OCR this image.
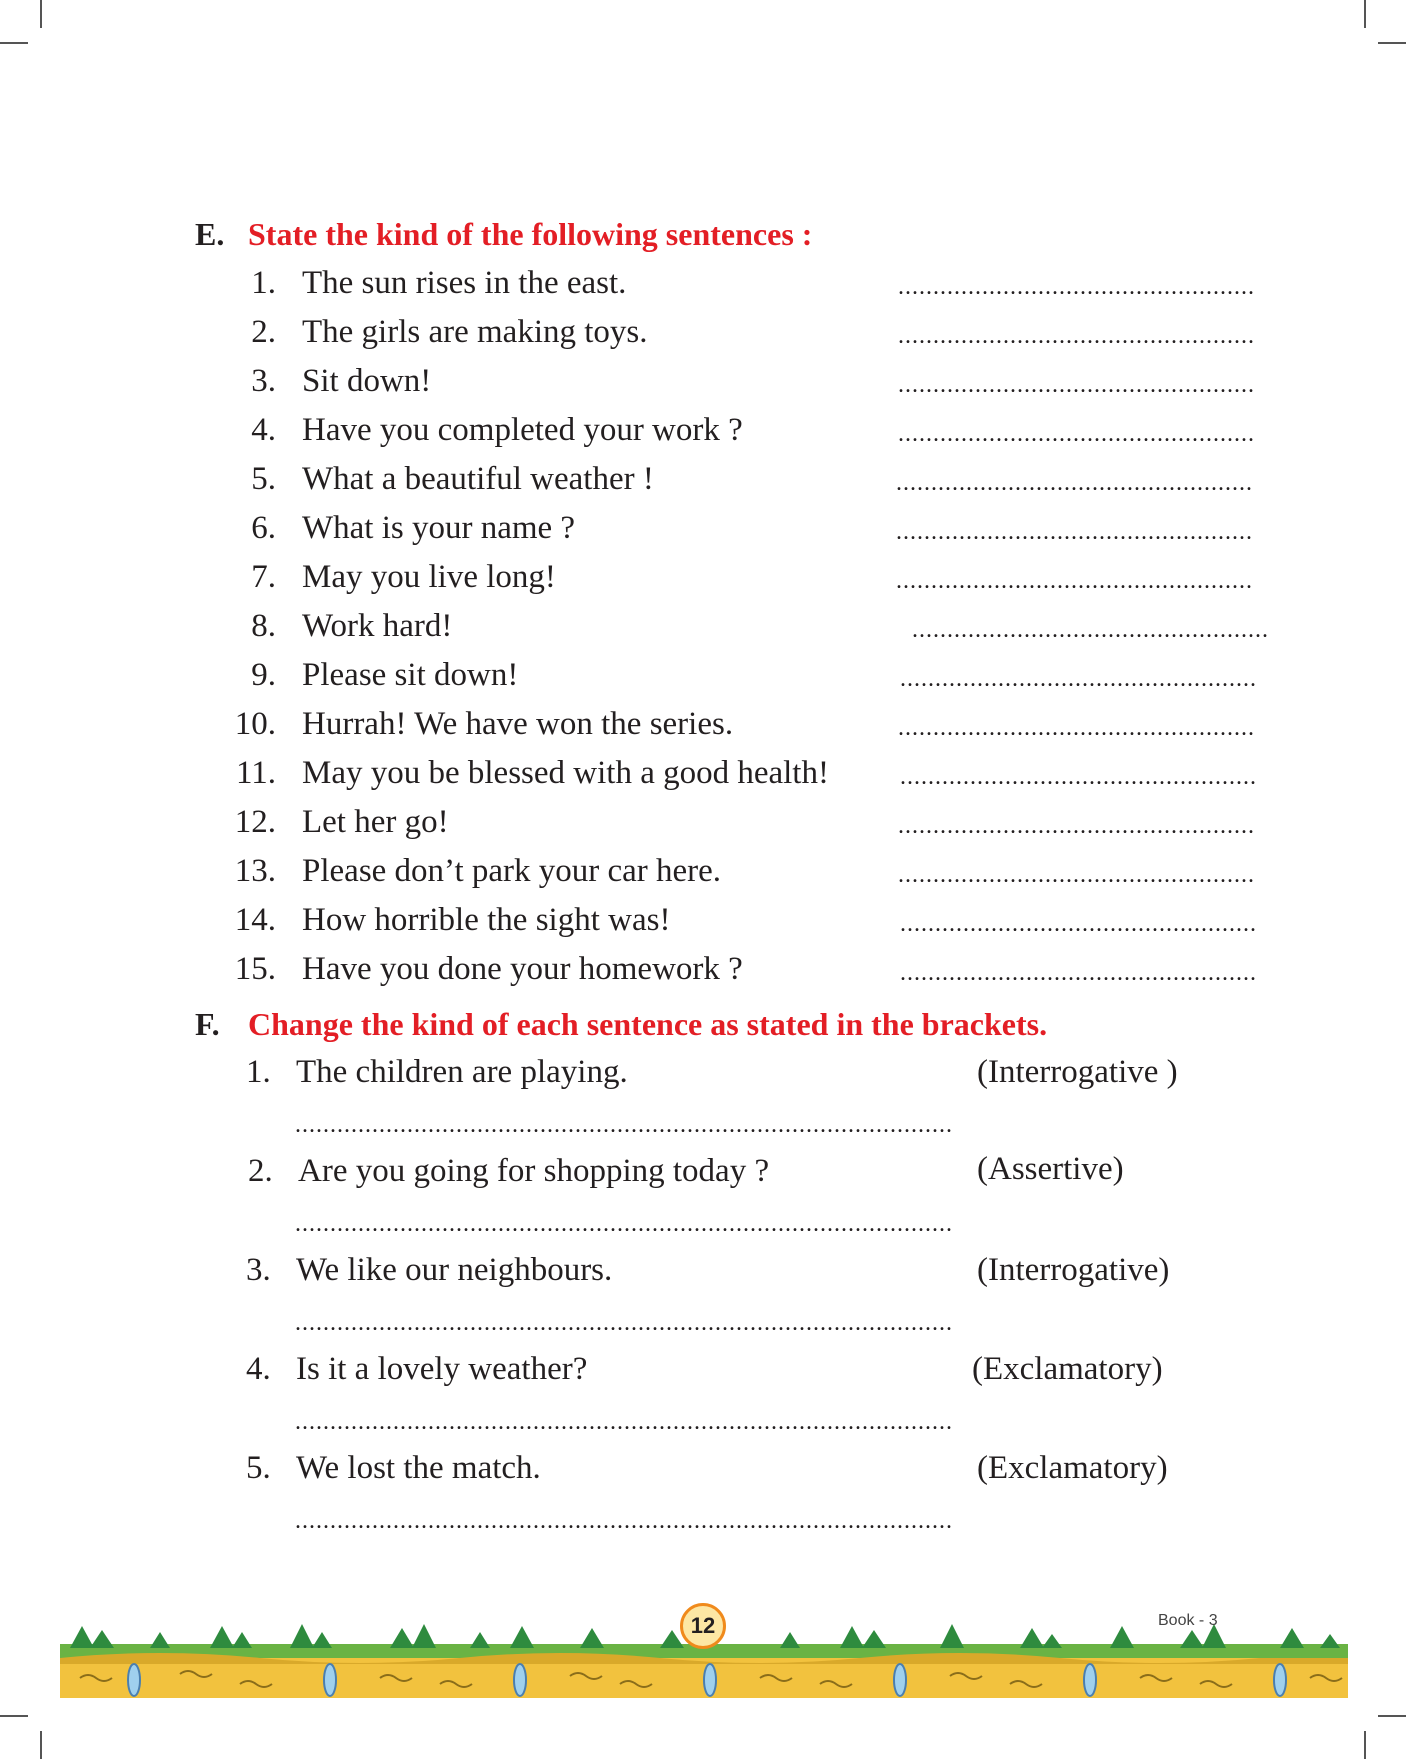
E. State the kind of the following sentences :
1. The sun rises in the east.	...................................................
2. The girls are making toys.	...................................................
3. Sit down!	...................................................
4. Have you completed your work ?	...................................................
5. What a beautiful weather !	...................................................
6. What is your name ?	...................................................
7. May you live long!	...................................................
8. Work hard!	...................................................
9. Please sit down!	...................................................
10. Hurrah! We have won the series.	...................................................
11. May you be blessed with a good health!	...................................................
12. Let her go!	...................................................
13. Please don’t park your car here.	...................................................
14. How horrible the sight was!	...................................................
15. Have you done your homework ?	...................................................
F. Change the kind of each sentence as stated in the brackets.
1. The children are playing.	(Interrogative )
..............................................................................................
2. Are you going for shopping today ?	(Assertive)
..............................................................................................
3. We like our neighbours.	(Interrogative)
..............................................................................................
4. Is it a lovely weather?	(Exclamatory)
..............................................................................................
5. We lost the match.	(Exclamatory)
..............................................................................................
12	Book - 3
